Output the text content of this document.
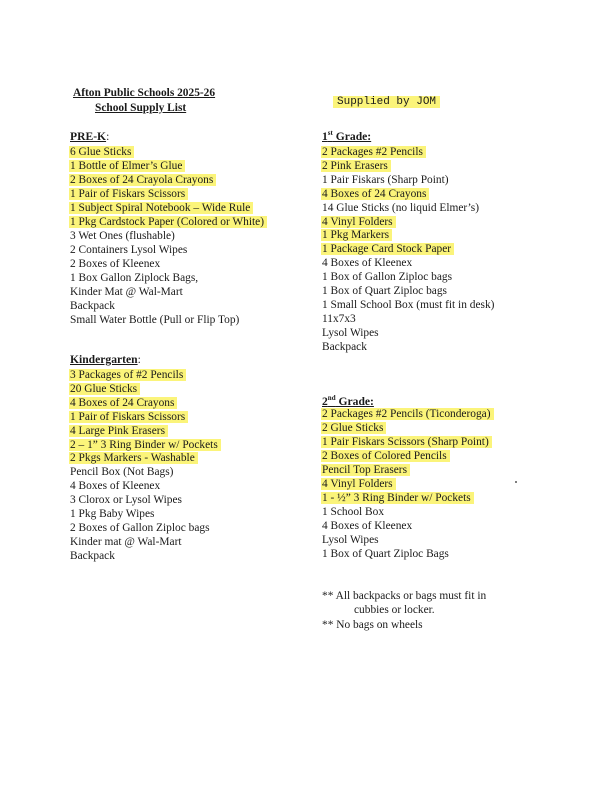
Afton Public Schools 2025-26
School Supply List	Supplied by JOM
PRE-K:
6 Glue Sticks
1 Bottle of Elmer’s Glue
2 Boxes of 24 Crayola Crayons
1 Pair of Fiskars Scissors
1 Subject Spiral Notebook – Wide Rule
1 Pkg Cardstock Paper (Colored or White)
3 Wet Ones (flushable)
2 Containers Lysol Wipes
2 Boxes of Kleenex
1 Box Gallon Ziplock Bags,
Kinder Mat @ Wal-Mart
Backpack
Small Water Bottle (Pull or Flip Top)
Kindergarten:
3 Packages of #2 Pencils
20 Glue Sticks
4 Boxes of 24 Crayons
1 Pair of Fiskars Scissors
4 Large Pink Erasers
2 – 1” 3 Ring Binder w/ Pockets
2 Pkgs Markers - Washable
Pencil Box (Not Bags)
4 Boxes of Kleenex
3 Clorox or Lysol Wipes
1 Pkg Baby Wipes
2 Boxes of Gallon Ziploc bags
Kinder mat @ Wal-Mart
Backpack
1st Grade:
2 Packages #2 Pencils
2 Pink Erasers
1 Pair Fiskars (Sharp Point)
4 Boxes of 24 Crayons
14 Glue Sticks (no liquid Elmer’s)
4 Vinyl Folders
1 Pkg Markers
1 Package Card Stock Paper
4 Boxes of Kleenex
1 Box of Gallon Ziploc bags
1 Box of Quart Ziploc bags
1 Small School Box (must fit in desk)
11x7x3
Lysol Wipes
Backpack
2nd Grade:
2 Packages #2 Pencils (Ticonderoga)
2 Glue Sticks
1 Pair Fiskars Scissors (Sharp Point)
2 Boxes of Colored Pencils
Pencil Top Erasers
4 Vinyl Folders
1 - ½” 3 Ring Binder w/ Pockets
1 School Box
4 Boxes of Kleenex
Lysol Wipes
1 Box of Quart Ziploc Bags
** All backpacks or bags must fit in
cubbies or locker.
** No bags on wheels
